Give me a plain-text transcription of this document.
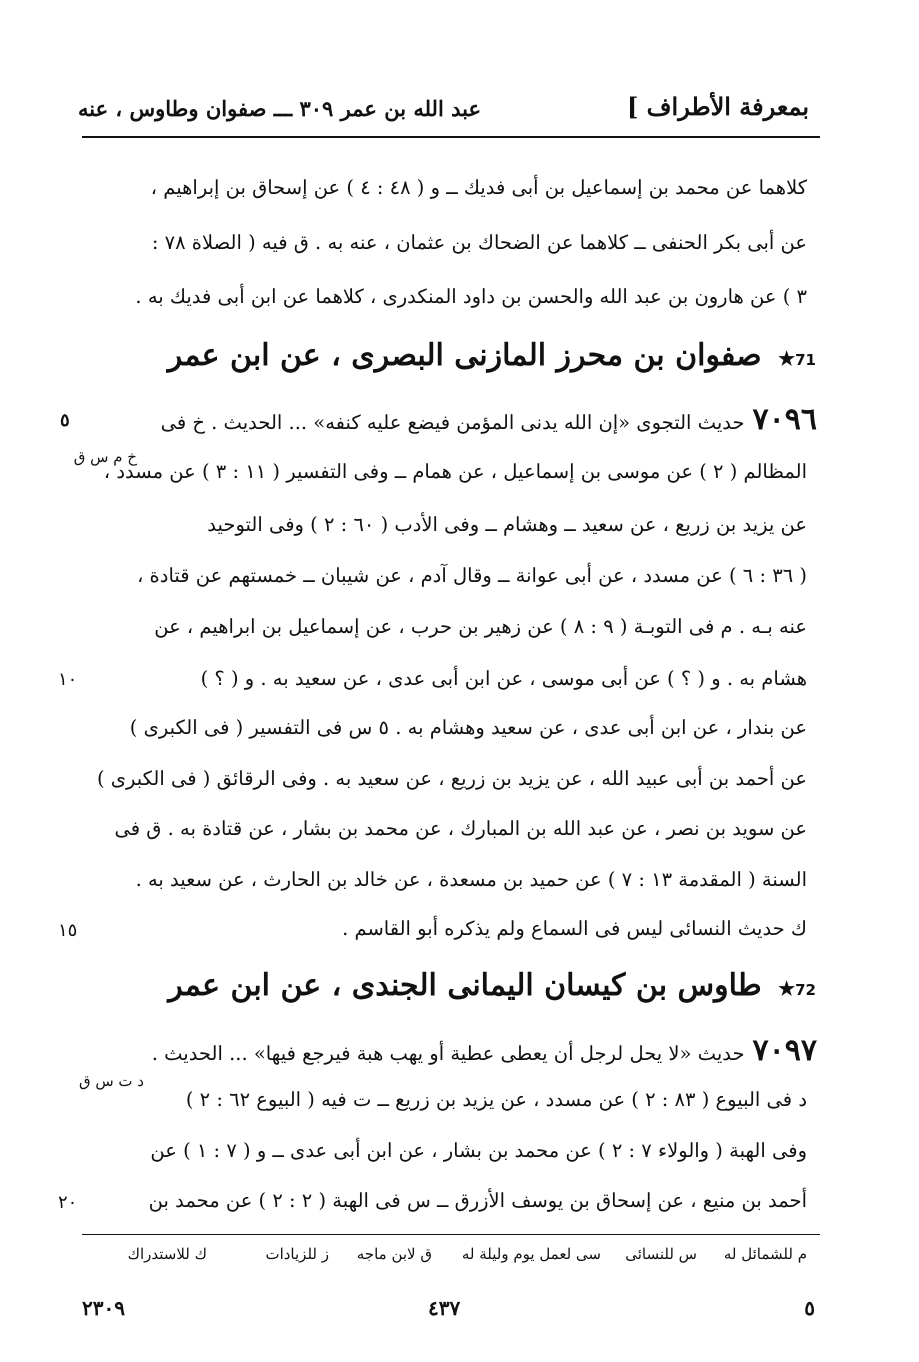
بمعرفة الأطراف ]
عبد الله بن عمر ٣٠٩ ـــ صفوان وطاوس ، عنه
كلاهما عن محمد بن إسماعيل بن أبى فديك ــ و ( ٤٨ : ٤ ) عن إسحاق بن إبراهيم ،
عن أبى بكر الحنفى ــ كلاهما عن الضحاك بن عثمان ، عنه به . ق فيه ( الصلاة ٧٨ :
٣ ) عن هارون بن عبد الله والحسن بن داود المنكدرى ، كلاهما عن ابن أبى فديك به .
71★ صفوان بن محرز المازنى البصرى ، عن ابن عمر
٧٠٩٦حديث التجوى «إن الله يدنى المؤمن فيضع عليه كنفه» ... الحديث . خ فى
٥
خ م س ق
المظالم ( ٢ ) عن موسى بن إسماعيل ، عن همام ــ وفى التفسير ( ١١ : ٣ ) عن مسدد ،
عن يزيد بن زريع ، عن سعيد ــ وهشام ــ وفى الأدب ( ٦٠ : ٢ ) وفى التوحيد
( ٣٦ : ٦ ) عن مسدد ، عن أبى عوانة ــ وقال آدم ، عن شيبان ــ خمستهم عن قتادة ،
عنه بـه . م فى التوبـة ( ٩ : ٨ ) عن زهير بن حرب ، عن إسماعيل بن ابراهيم ، عن
هشام به . و ( ؟ ) عن أبى موسى ، عن ابن أبى عدى ، عن سعيد به . و ( ؟ )
١٠
عن بندار ، عن ابن أبى عدى ، عن سعيد وهشام به . ٥ س فى التفسير ( فى الكبرى )
عن أحمد بن أبى عبيد الله ، عن يزيد بن زريع ، عن سعيد به . وفى الرقائق ( فى الكبرى )
عن سويد بن نصر ، عن عبد الله بن المبارك ، عن محمد بن بشار ، عن قتادة به . ق فى
السنة ( المقدمة ١٣ : ٧ ) عن حميد بن مسعدة ، عن خالد بن الحارث ، عن سعيد به .
ك حديث النسائى ليس فى السماع ولم يذكره أبو القاسم .
١٥
72★ طاوس بن كيسان اليمانى الجندى ، عن ابن عمر
٧٠٩٧حديث «لا يحل لرجل أن يعطى عطية أو يهب هبة فيرجع فيها» ... الحديث .
د ت س ق
د فى البيوع ( ٨٣ : ٢ ) عن مسدد ، عن يزيد بن زريع ــ ت فيه ( البيوع ٦٢ : ٢ )
وفى الهبة ( والولاء ٧ : ٢ ) عن محمد بن بشار ، عن ابن أبى عدى ــ و ( ٧ : ١ ) عن
أحمد بن منيع ، عن إسحاق بن يوسف الأزرق ــ س فى الهبة ( ٢ : ٢ ) عن محمد بن
٢٠
م للشمائل له
س للنسائى
سى لعمل يوم وليلة له
ق لابن ماجه
ز للزيادات
ك للاستدراك
٥
٤٣٧
٢٣٠٩
